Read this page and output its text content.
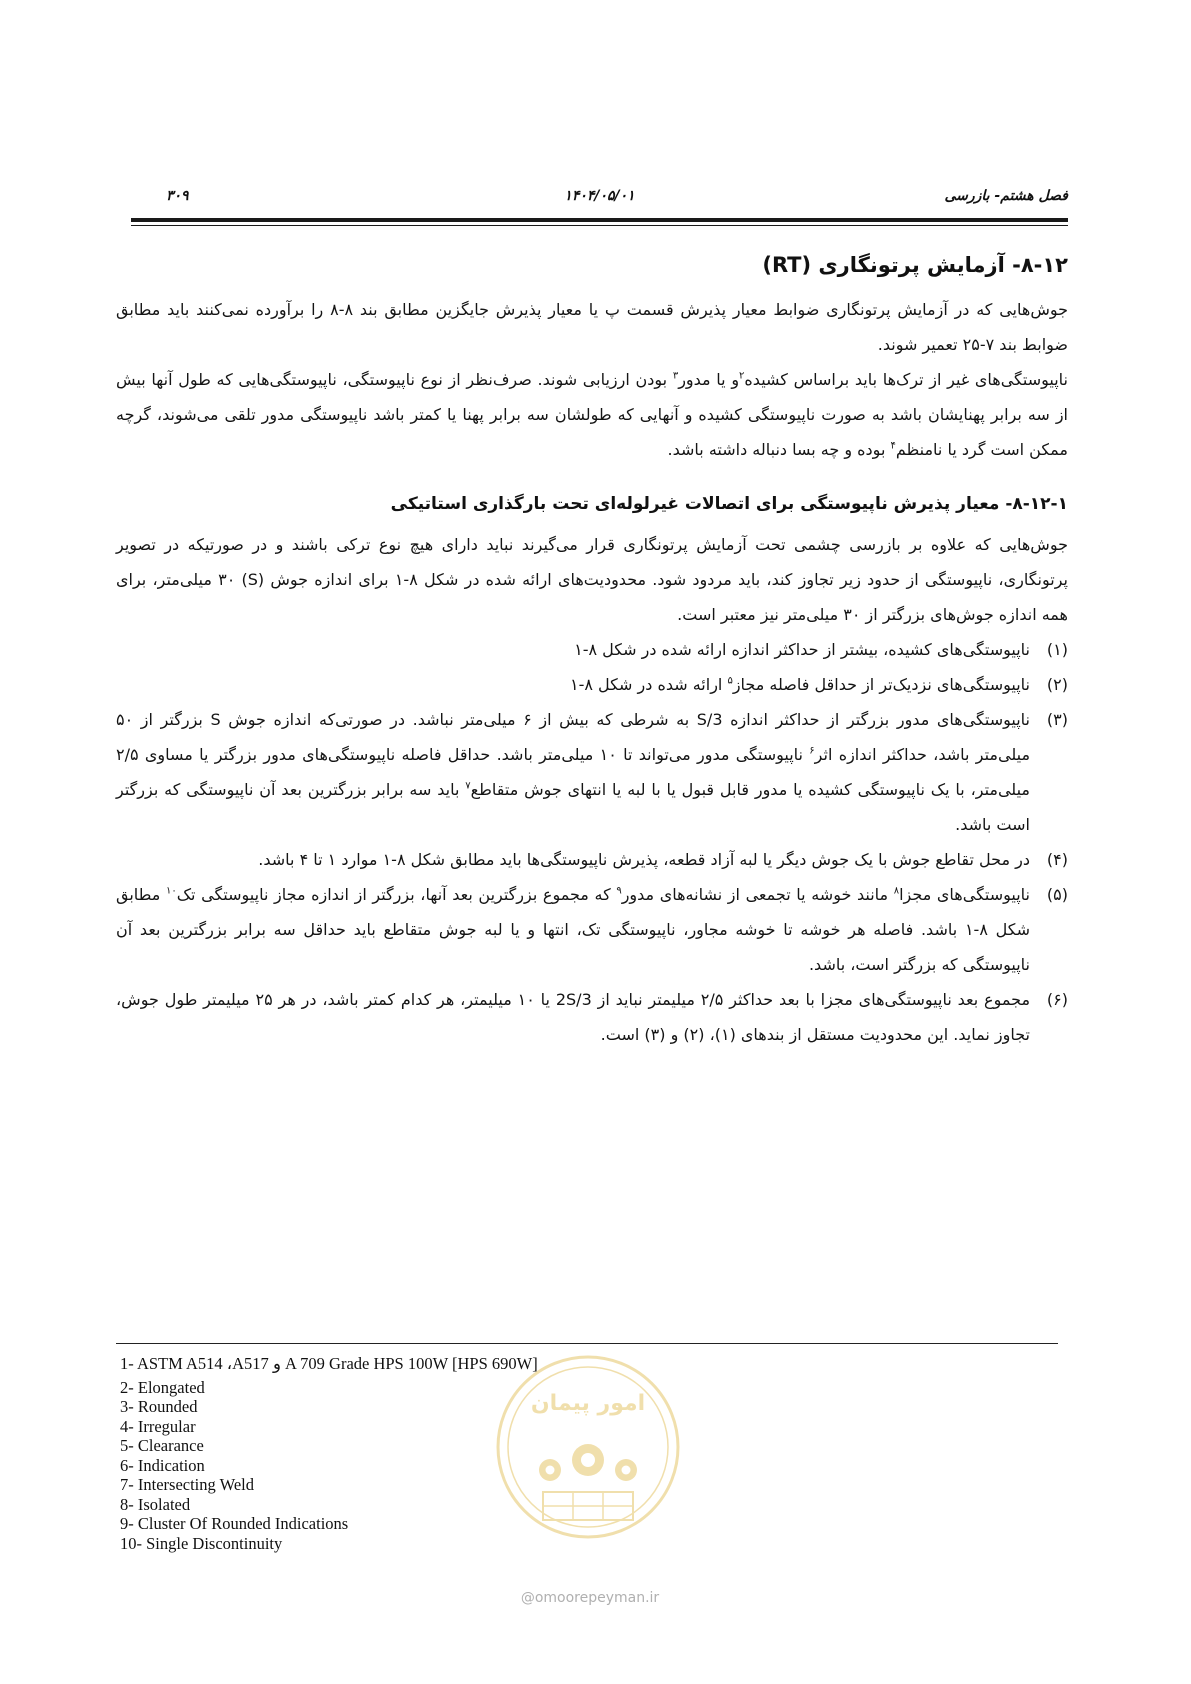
فصل هشتم- بازرسی
۱۴۰۴/۰۵/۰۱
۳۰۹
۸-۱۲- آزمایش پرتونگاری (RT)

جوش‌هایی که در آزمایش پرتونگاری ضوابط معیار پذیرش قسمت پ یا معیار پذیرش جایگزین مطابق بند ۸-۸ را برآورده نمی‌کنند باید مطابق ضوابط بند ۷-۲۵ تعمیر شوند.

ناپیوستگی‌های غیر از ترک‌ها باید براساس کشیده$^۲$و یا مدور$^۳$ بودن ارزیابی شوند. صرف‌نظر از نوع ناپیوستگی، ناپیوستگی‌هایی که طول آنها بیش از سه برابر پهنایشان باشد به صورت ناپیوستگی کشیده و آنهایی که طولشان سه برابر پهنا یا کمتر باشد ناپیوستگی مدور تلقی می‌شوند، گرچه ممکن است گرد یا نامنظم$^۴$ بوده و چه بسا دنباله داشته باشد.

۸-۱۲-۱- معیار پذیرش ناپیوستگی برای اتصالات غیرلوله‌ای تحت بارگذاری استاتیکی

جوش‌هایی که علاوه بر بازرسی چشمی تحت آزمایش پرتونگاری قرار می‌گیرند نباید دارای هیچ نوع ترکی باشند و در صورتیکه در تصویر پرتونگاری، ناپیوستگی از حدود زیر تجاوز کند، باید مردود شود. محدودیت‌های ارائه شده در شکل ۸-۱ برای اندازه جوش (S) ۳۰ میلی‌متر، برای همه اندازه جوش‌های بزرگتر از ۳۰ میلی‌متر نیز معتبر است.

(۱)
ناپیوستگی‌های کشیده، بیشتر از حداکثر اندازه ارائه شده در شکل ۸-۱
(۲)
ناپیوستگی‌های نزدیک‌تر از حداقل فاصله مجاز$^۵$ ارائه شده در شکل ۸-۱
(۳)
ناپیوستگی‌های مدور بزرگتر از حداکثر اندازه S/3 به شرطی که بیش از ۶ میلی‌متر نباشد. در صورتی‌که اندازه جوش S بزرگتر از ۵۰ میلی‌متر باشد، حداکثر اندازه اثر$^۶$ ناپیوستگی مدور می‌تواند تا ۱۰ میلی‌متر باشد. حداقل فاصله ناپیوستگی‌های مدور بزرگتر یا مساوی ۲/۵ میلی‌متر، با یک ناپیوستگی کشیده یا مدور قابل قبول یا با لبه یا انتهای جوش متقاطع$^۷$ باید سه برابر بزرگترین بعد آن ناپیوستگی که بزرگتر است باشد.
(۴)
در محل تقاطع جوش با یک جوش دیگر یا لبه آزاد قطعه، پذیرش ناپیوستگی‌ها باید مطابق شکل ۸-۱ موارد ۱ تا ۴ باشد.
(۵)
ناپیوستگی‌های مجزا$^۸$ مانند خوشه یا تجمعی از نشانه‌های مدور$^۹$ که مجموع بزرگترین بعد آنها، بزرگتر از اندازه مجاز ناپیوستگی تک$^{۱۰}$ مطابق شکل ۸-۱ باشد. فاصله هر خوشه تا خوشه مجاور، ناپیوستگی تک، انتها و یا لبه جوش متقاطع باید حداقل سه برابر بزرگترین بعد آن ناپیوستگی که بزرگتر است، باشد.
(۶)
مجموع بعد ناپیوستگی‌های مجزا با بعد حداکثر ۲/۵ میلیمتر نباید از 2S/3 یا ۱۰ میلیمتر، هر کدام کمتر باشد، در هر ۲۵ میلیمتر طول جوش، تجاوز نماید. این محدودیت مستقل از بندهای (۱)، (۲) و (۳) است.
1- ASTM A514 ،A517 و A 709 Grade HPS 100W [HPS 690W]
2- Elongated
3- Rounded
4- Irregular
5- Clearance
6- Indication
7- Intersecting Weld
8- Isolated
9- Cluster Of Rounded Indications
10- Single Discontinuity
امور پیمان
@omoorepeyman.ir
